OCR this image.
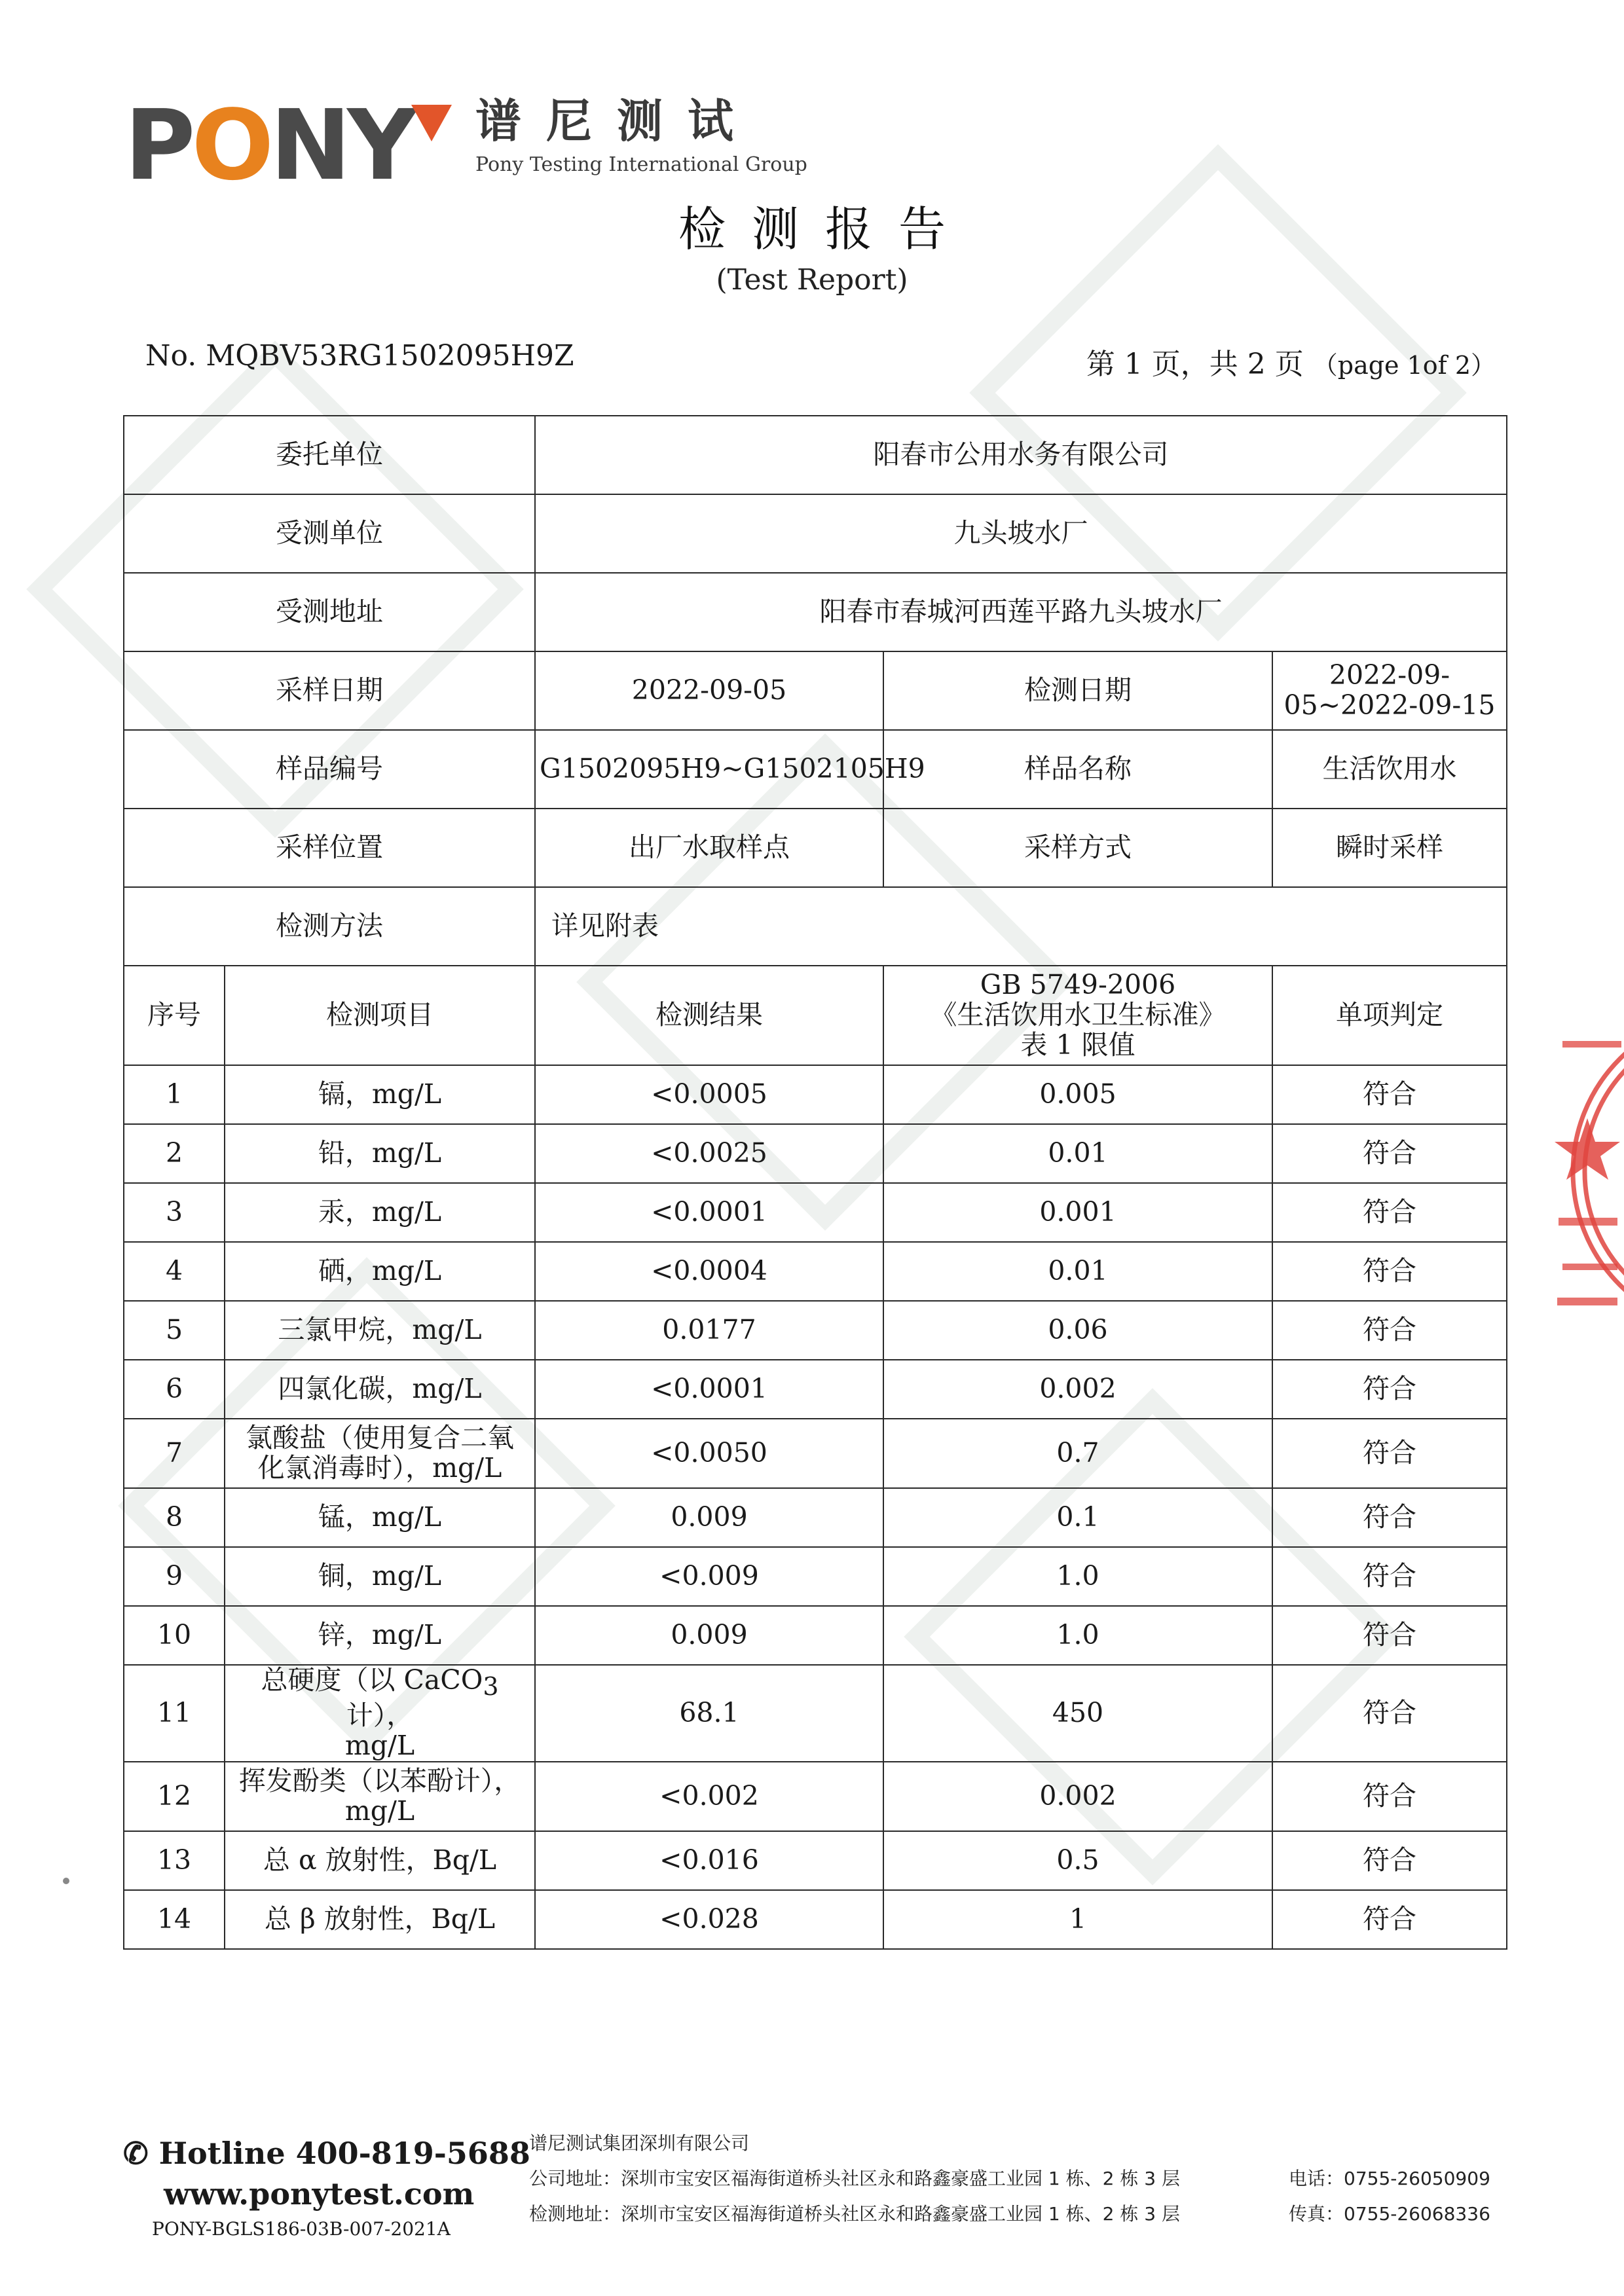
PONY 谱尼测试
Pony Testing International Group
检测报告
(Test Report)
No. MQBV53RG1502095H9Z	第 1 页，共 2 页 （page 1of 2）
委托单位		阳春市公用水务有限公司		
受测单位		九头坡水厂		
受测地址		阳春市春城河西莲平路九头坡水厂		
采样日期		2022-09-05	检测日期	2022-09-05~2022-09-15
样品编号		G1502095H9~G1502105H9	样品名称	生活饮用水
采样位置		出厂水取样点	采样方式	瞬时采样
检测方法		详见附表		
序号	检测项目	检测结果	GB 5749-2006
《生活饮用水卫生标准》
表 1 限值	单项判定
1	镉，mg/L	<0.0005	0.005	符合
2	铅，mg/L	<0.0025	0.01	符合
3	汞，mg/L	<0.0001	0.001	符合
4	硒，mg/L	<0.0004	0.01	符合
5	三氯甲烷，mg/L	0.0177	0.06	符合
6	四氯化碳，mg/L	<0.0001	0.002	符合
7	氯酸盐（使用复合二氧
化氯消毒时），mg/L	<0.0050	0.7	符合
8	锰，mg/L	0.009	0.1	符合
9	铜，mg/L	<0.009	1.0	符合
10	锌，mg/L	0.009	1.0	符合
11	总硬度（以 CaCO$_3$ 计），
mg/L	68.1	450	符合
12	挥发酚类（以苯酚计），
mg/L	<0.002	0.002	符合
13	总 α 放射性，Bq/L	<0.016	0.5	符合
14	总 β 放射性，Bq/L	<0.028	1	符合
✆ Hotline 400-819-5688
www.ponytest.com
PONY-BGLS186-03B-007-2021A
谱尼测试集团深圳有限公司
公司地址：深圳市宝安区福海街道桥头社区永和路鑫豪盛工业园 1 栋、2 栋 3 层
检测地址：深圳市宝安区福海街道桥头社区永和路鑫豪盛工业园 1 栋、2 栋 3 层
电话：0755-26050909
传真：0755-26068336
